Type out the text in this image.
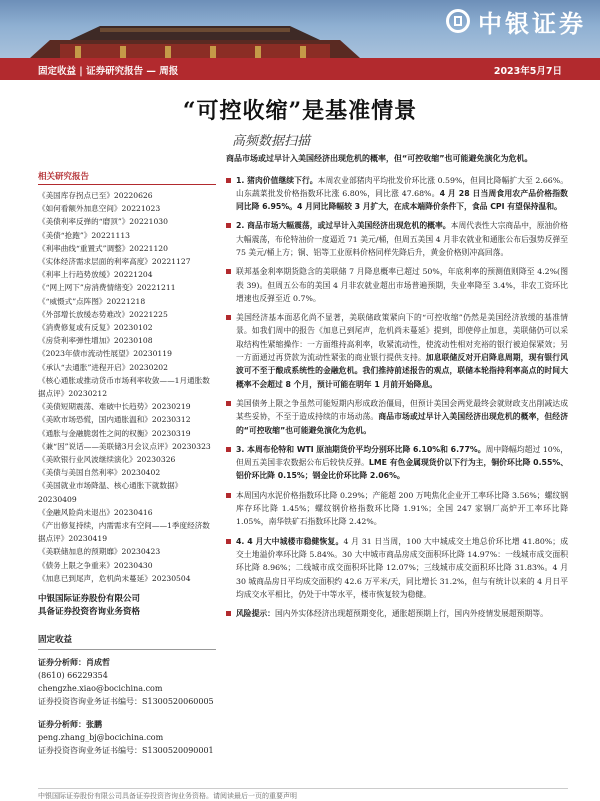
中银证券
固定收益 | 证券研究报告 — 周报	2023年5月7日
“可控收缩”是基准情景
高频数据扫描
相关研究报告
《美国库存拐点已至》20220626
《如何看额外加息空间》20221023
《美债利率反弹的“磨顶”》20221030
《美债“抢跑”》20221113
《利率曲线“重置式”调整》20221120
《实体经济需求层面的利率高度》20221127
《利率上行趋势放缓》20221204
《“网上网下”房消费情绪变》20221211
《“威慑式”点阵图》20221218
《外部增长放缓态势难改》20221225
《消费修复或有反复》20230102
《房贷利率弹性增加》20230108
《2023年债市流动性展望》20230119
《承认“去通胀”进程开启》20230202
《核心通胀或推动货币市场利率收敛——1月通胀数据点评》20230212
《美债短期震荡、难破中长趋势》20230219
《美欧市场恐慌，国内通胀温和》20230312
《通胀与金融脆弱性之间的权衡》20230319
《兼“因”说话——美联储3月会议点评》20230323
《美欧银行业风波继续演化》20230326
《美债与美国自然利率》20230402
《美国就业市场降温、核心通胀下就数据》20230409
《金融风险尚未退出》20230416
《产出修复持续，内需需求有空间——1季度经济数据点评》20230419
《美联储加息的预期靡》20230423
《债务上限之争重来》20230430
《加息已到尾声，危机尚未蔓延》20230504
中银国际证券股份有限公司
具备证券投资咨询业务资格
固定收益
证券分析师：肖成哲
(8610) 66229354
chengzhe.xiao@bocichina.com
证券投资咨询业务证书编号：S1300520060005
证券分析师：张鹏
peng.zhang_bj@bocichina.com
证券投资咨询业务证书编号：S1300520090001

商品市场或过早计入美国经济出现危机的概率，但“可控收缩”也可能避免演化为危机。

1. 猪肉价值继续下行。本周农业部猪肉平均批发价环比涨 0.59%，但同比降幅扩大至 2.66%。山东蔬菜批发价格指数环比涨 6.80%，同比涨 47.68%。4 月 28 日当周食用农产品价格指数同比降 6.95%。4 月同比降幅较 3 月扩大，在成本端降价条件下，食品 CPI 有望保持温和。

2. 商品市场大幅震荡，或过早计入美国经济出现危机的概率。本周代表性大宗商品中，原油价格大幅震荡，布伦特油价一度逼近 71 美元/桶，但周五美国 4 月非农就业和通胀公布后强势反弹至 75 美元/桶上方；铜、铝等工业原料价格同样先降后升，黄金价格则冲高回落。

联邦基金利率期货隐含的美联储 7 月降息概率已超过 50%，年底利率的预测值则降至 4.2%(图表 39)。但周五公布的美国 4 月非农就业超出市场普遍预期，失业率降至 3.4%，非农工资环比增速也反弹至近 0.7%。

美国经济基本面恶化尚不显著，美联储政策紧向下的“可控收缩”仍然是美国经济放缓的基准情景。如我们周中的报告《加息已到尾声，危机尚未蔓延》提到，即使停止加息，美联储仍可以采取结构性紧缩操作：一方面维持高利率，收紧流动性，使流动性相对充裕的银行被迫保紧效；另一方面通过再贷款为流动性紧张的商业银行提供支持。加息联储反对开启降息周期，现有银行风波可不至于酿成系统性的金融危机。我们推持前述报告的观点，联储本轮指持利率高点的时间大概率不会超过 8 个月，预计可能在明年 1 月前开始降息。

美国债务上限之争虽然可能短期内形成政治僵局，但预计美国会两党最终会就财政支出削减达成某些妥协，不至于造成持续的市场动荡。商品市场或过早计入美国经济出现危机的概率，但经济的“可控收缩”也可能避免演化为危机。

3. 本周布伦特和 WTI 原油期货价平均分别环比降 6.10%和 6.77%。周中降幅均超过 10%，但周五美国非农数据公布后较快反弹。LME 有色金属现货价以下行为主，铜价环比降 0.55%、铝价环比降 0.15%；钢金比价环比降 2.06%。

本周国内水泥价格指数环比降 0.29%；产能超 200 万吨焦化企业开工率环比降 3.56%；螺纹钢库存环比降 1.45%；螺纹钢价格指数环比降 1.91%；全国 247 家钢厂高炉开工率环比降 1.05%，南华铁矿石指数环比降 2.42%。

4. 4 月大中城楼市稳健恢复。4 月 31 日当周，100 大中城成交土地总价环比增 41.80%；成交土地溢价率环比降 5.84%。30 大中城市商品房成交面积环比降 14.97%：一线城市成交面积环比降 8.96%；二线城市成交面积环比降 12.07%；三线城市成交面积环比降 31.83%。4 月 30 城商品房日平均成交面积约 42.6 万平米/天，同比增长 31.2%，但与有统计以来的 4 月日平均成交水平相比，仍处于中等水平，楼市恢复较为稳健。

风险提示：国内外实体经济出现超预期变化，通胀超预期上行，国内外疫情发展超预期等。

中银国际证券股份有限公司具备证券投资咨询业务资格。请阅读最后一页的重要声明
